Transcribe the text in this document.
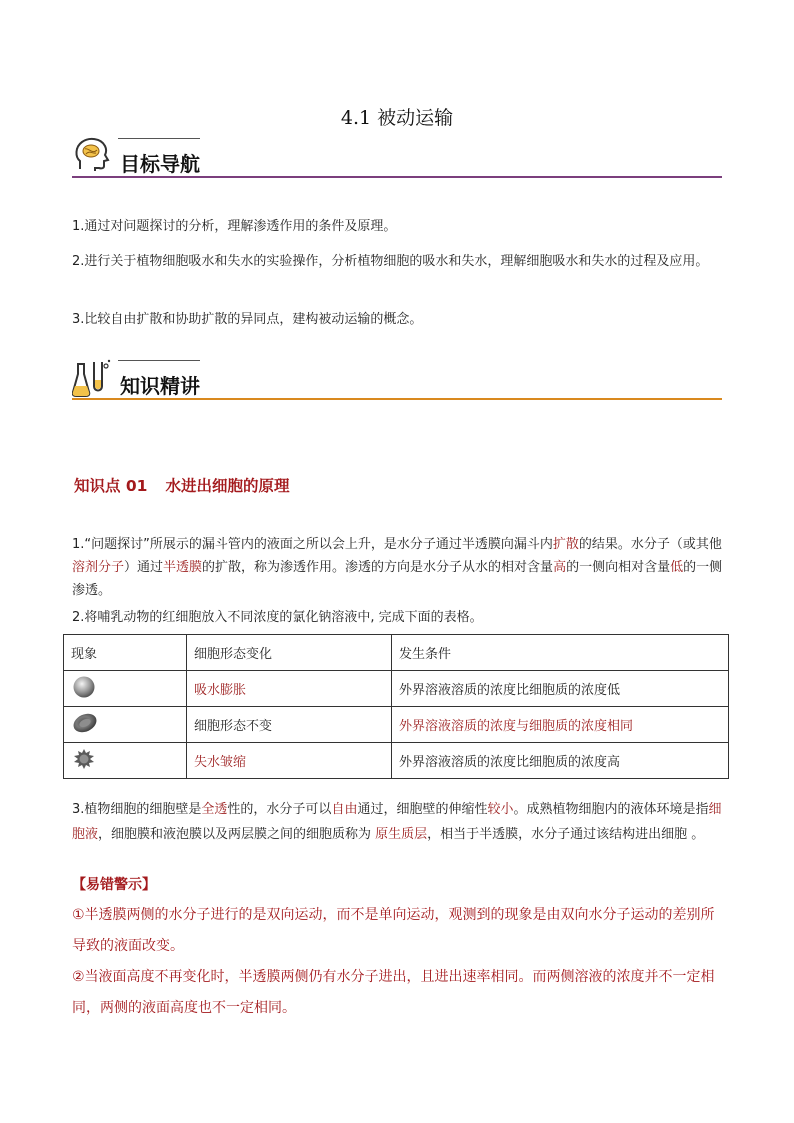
4.1 被动运输
目标导航
1.通过对问题探讨的分析，理解渗透作用的条件及原理。
2.进行关于植物细胞吸水和失水的实验操作，分析植物细胞的吸水和失水，理解细胞吸水和失水的过程及应用。
3.比较自由扩散和协助扩散的异同点，建构被动运输的概念。
知识精讲
知识点 01 水进出细胞的原理
1.“问题探讨”所展示的漏斗管内的液面之所以会上升，是水分子通过半透膜向漏斗内扩散的结果。水分子（或其他溶剂分子）通过半透膜的扩散，称为渗透作用。渗透的方向是水分子从水的相对含量高的一侧向相对含量低的一侧渗透。
2.将哺乳动物的红细胞放入不同浓度的氯化钠溶液中, 完成下面的表格。
现象	细胞形态变化	发生条件
	吸水膨胀	外界溶液溶质的浓度比细胞质的浓度低
	细胞形态不变	外界溶液溶质的浓度与细胞质的浓度相同
	失水皱缩	外界溶液溶质的浓度比细胞质的浓度高
3.植物细胞的细胞壁是全透性的，水分子可以自由通过，细胞壁的伸缩性较小。成熟植物细胞内的液体环境是指细胞液，细胞膜和液泡膜以及两层膜之间的细胞质称为 原生质层，相当于半透膜，水分子通过该结构进出细胞 。
【易错警示】
①半透膜两侧的水分子进行的是双向运动，而不是单向运动，观测到的现象是由双向水分子运动的差别所导致的液面改变。
②当液面高度不再变化时，半透膜两侧仍有水分子进出，且进出速率相同。而两侧溶液的浓度并不一定相同，两侧的液面高度也不一定相同。
